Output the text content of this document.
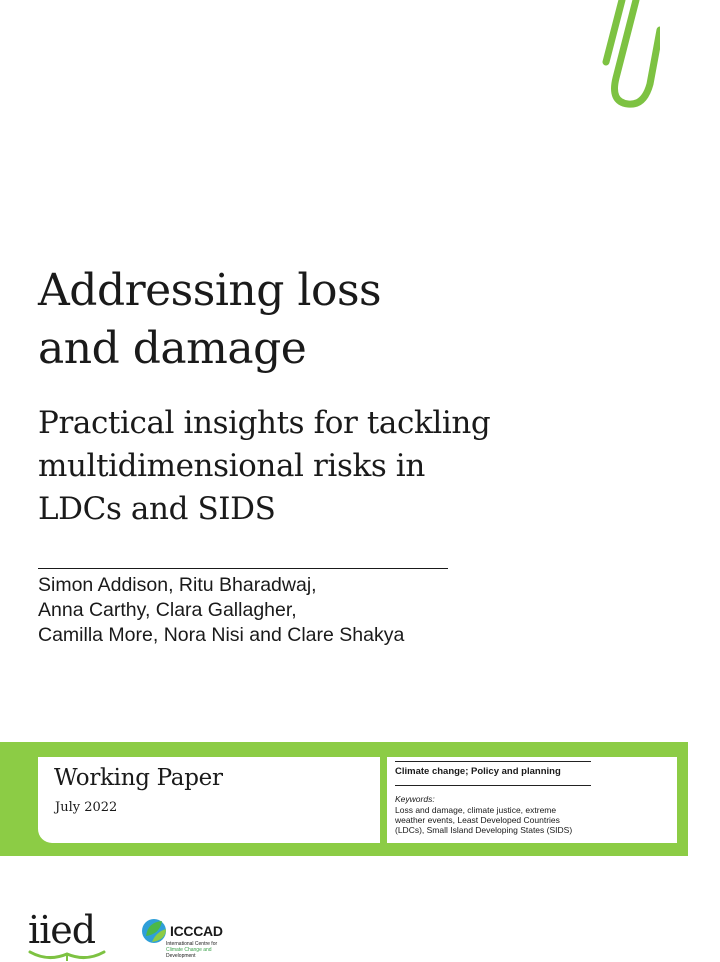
Addressing loss
and damage
Practical insights for tackling
multidimensional risks in
LDCs and SIDS

Simon Addison, Ritu Bharadwaj,
Anna Carthy, Clara Gallagher,
Camilla More, Nora Nisi and Clare Shakya

Working Paper
July 2022
Climate change; Policy and planning
Keywords:
Loss and damage, climate justice, extreme
weather events, Least Developed Countries
(LDCs), Small Island Developing States (SIDS)
iied	ICCCAD
International Centre for
Climate Change and
Development
